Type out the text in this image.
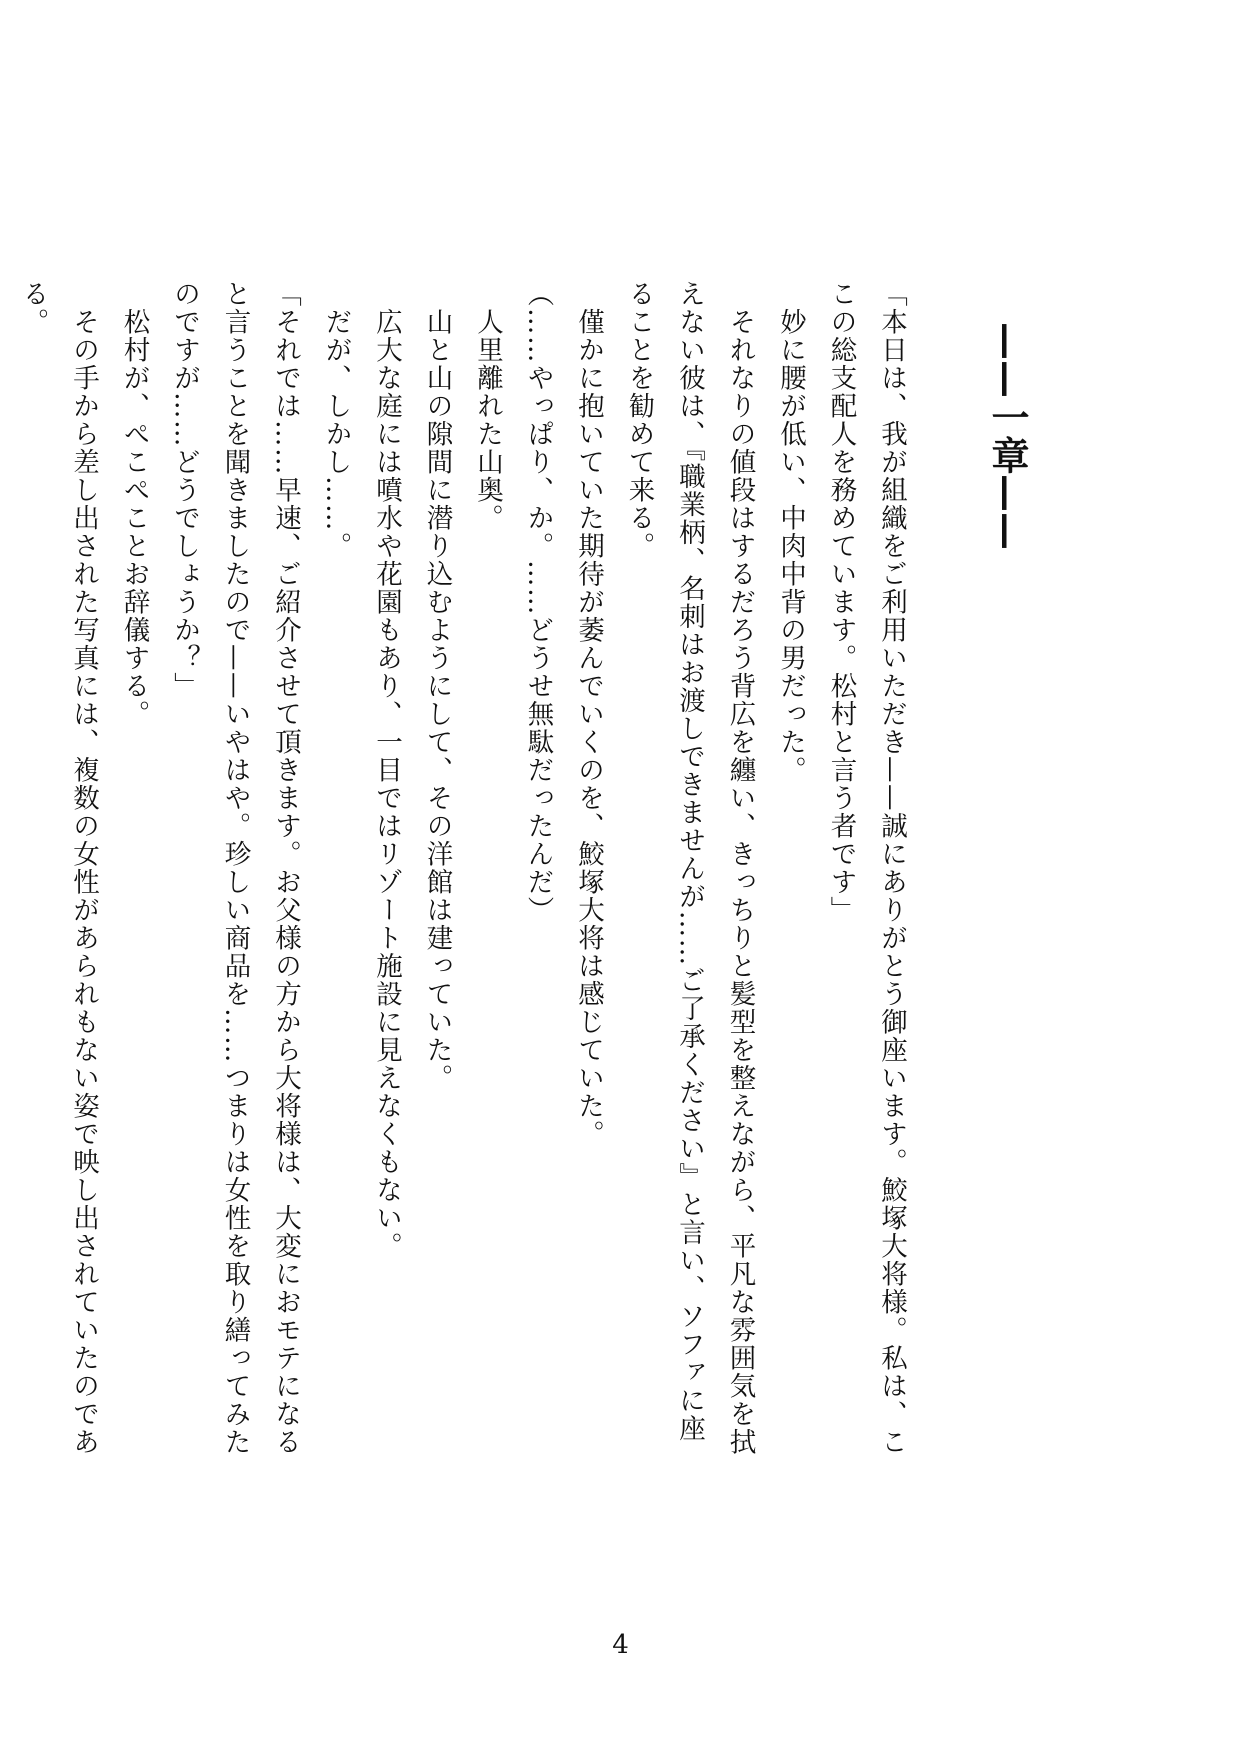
——一章——

「本日は、我が組織をご利用いただき——誠にありがとう御座います。鮫塚大将様。私は、ここの総支配人を務めています。松村と言う者です」

　妙に腰が低い、中肉中背の男だった。

　それなりの値段はするだろう背広を纏い、きっちりと髪型を整えながら、平凡な雰囲気を拭えない彼は、『職業柄、名刺はお渡しできませんが……ご了承ください』と言い、ソファに座ることを勧めて来る。

　僅かに抱いていた期待が萎んでいくのを、鮫塚大将は感じていた。

（……やっぱり、か。……どうせ無駄だったんだ）

　人里離れた山奥。

　山と山の隙間に潜り込むようにして、その洋館は建っていた。

　広大な庭には噴水や花園もあり、一目ではリゾート施設に見えなくもない。

　だが、しかし……。

「それでは……早速、ご紹介させて頂きます。お父様の方から大将様は、大変におモテになると言うことを聞きましたので——いやはや。珍しい商品を……つまりは女性を取り繕ってみたのですが……どうでしょうか？」

　松村が、ぺこぺことお辞儀する。

　その手から差し出された写真には、複数の女性があられもない姿で映し出されていたのである。

4
